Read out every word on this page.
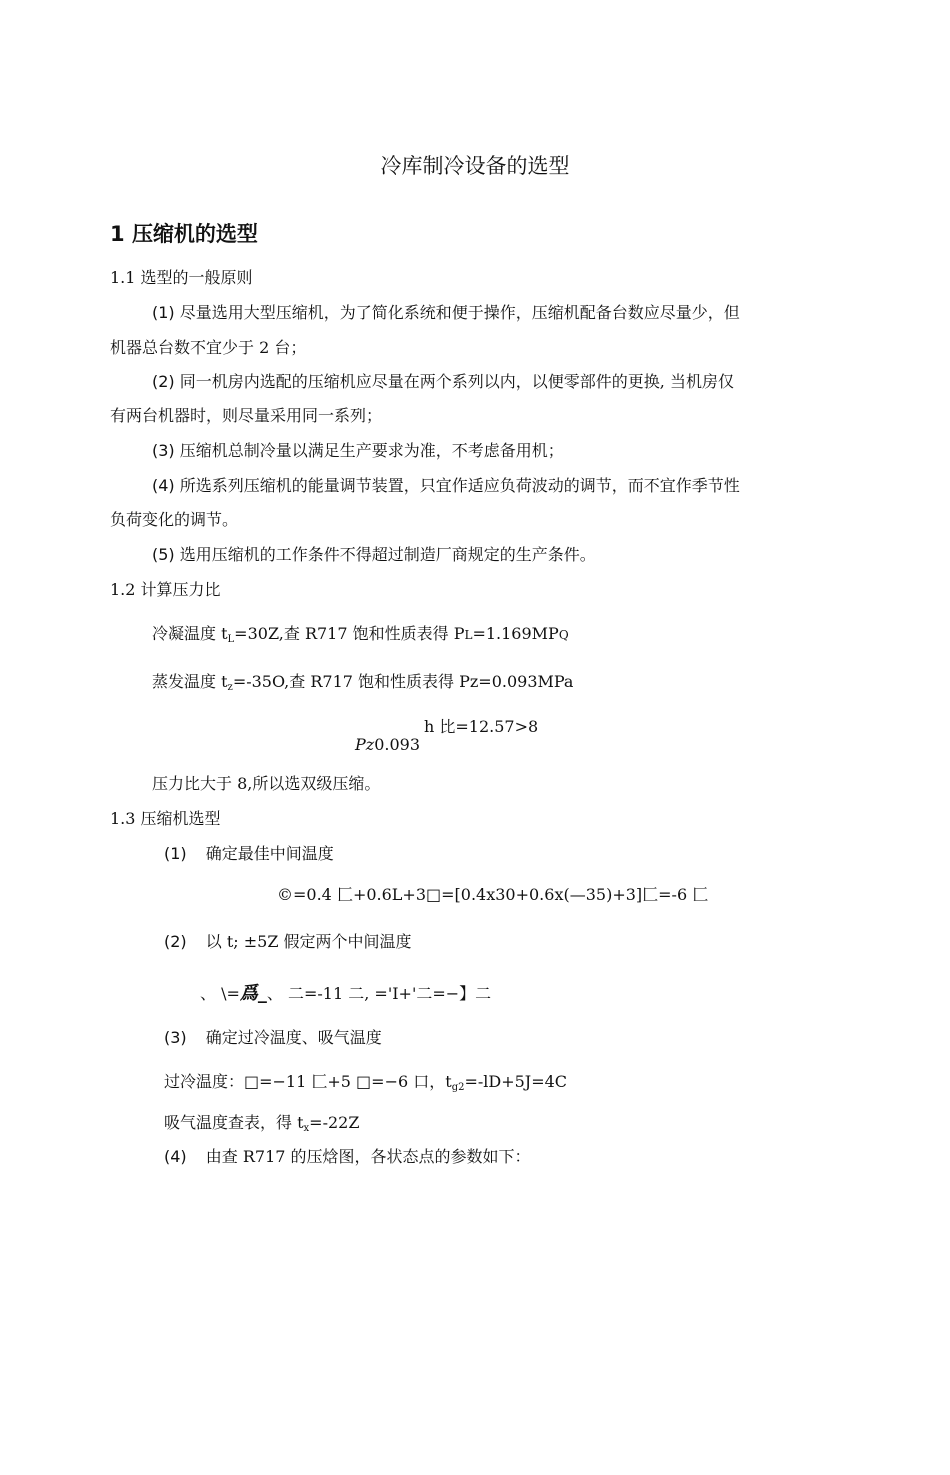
冷库制冷设备的选型
1 压缩机的选型
1.1 选型的一般原则
(1) 尽量选用大型压缩机，为了简化系统和便于操作，压缩机配备台数应尽量少，但
机器总台数不宜少于 2 台；
(2) 同一机房内选配的压缩机应尽量在两个系列以内，以便零部件的更换, 当机房仅
有两台机器时，则尽量采用同一系列；
(3) 压缩机总制冷量以满足生产要求为准，不考虑备用机；
(4) 所选系列压缩机的能量调节装置，只宜作适应负荷波动的调节，而不宜作季节性
负荷变化的调节。
(5) 选用压缩机的工作条件不得超过制造厂商规定的生产条件。
1.2 计算压力比
冷凝温度 $t_L=30Z$,查 R717 饱和性质表得 PL=1.169MPQ
蒸发温度 $t_z=-35O$,查 R717 饱和性质表得 Pz=0.093MPa
h 比=12.57>8
Pz0.093
压力比大于 8,所以选双级压缩。
1.3 压缩机选型
(1) 确定最佳中间温度
©=0.4 匚+0.6L+3□=[0.4x30+0.6x(—35)+3]匚=-6 匚
(2) 以 t; ±5Z 假定两个中间温度
、 \=爲_、 二=-11 二, ='I+'二=−】二
(3) 确定过冷温度、吸气温度
过冷温度：□=−11 匚+5 □=−6 口，$t_{g2}=-lD+5J=4C$
吸气温度查表，得 $t_x=-22Z$
(4) 由查 R717 的压焓图，各状态点的参数如下：
